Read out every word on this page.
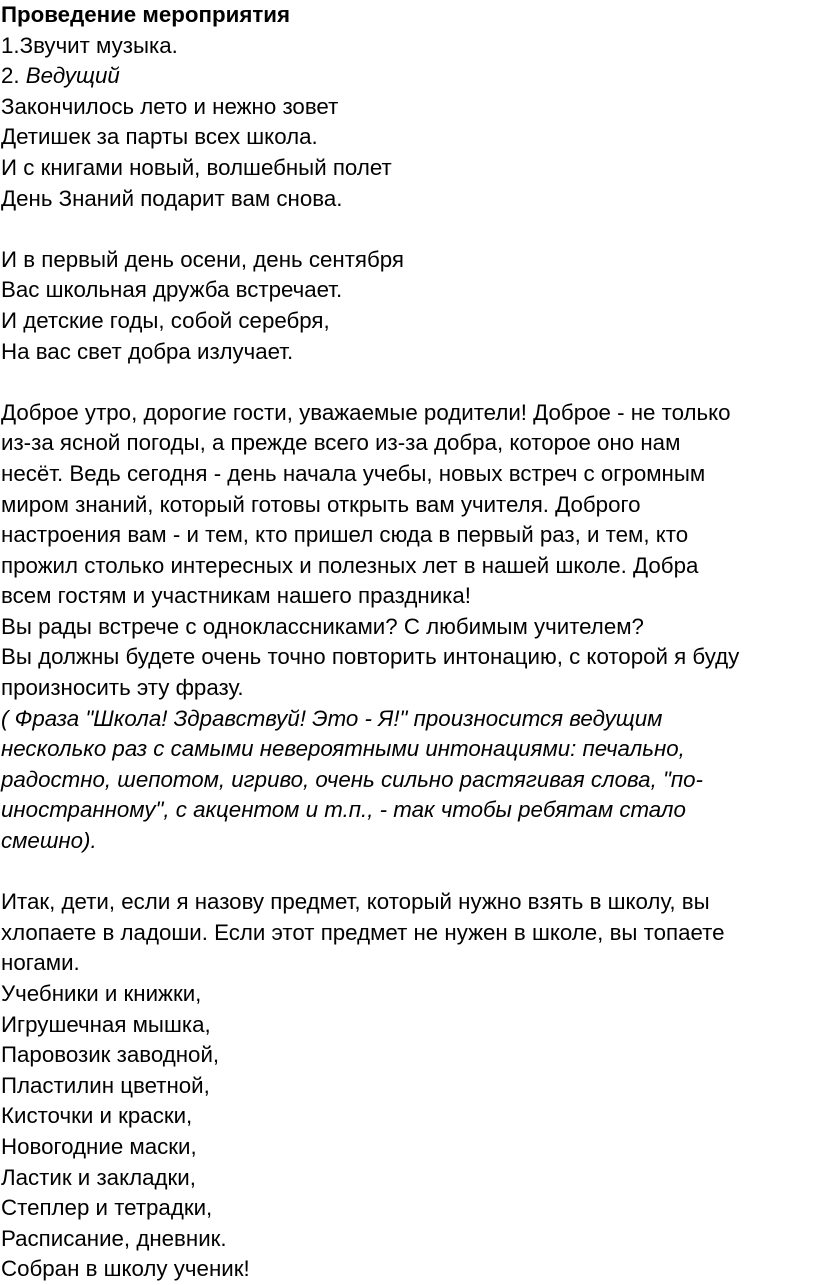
Проведение мероприятия
1.Звучит музыка.
2. Ведущий
Закончилось лето и нежно зовет
Детишек за парты всех школа.
И с книгами новый, волшебный полет
День Знаний подарит вам снова.
И в первый день осени, день сентября
Вас школьная дружба встречает.
И детские годы, собой серебря,
На вас свет добра излучает.
Доброе утро, дорогие гости, уважаемые родители! Доброе - не только
из-за ясной погоды, а прежде всего из-за добра, которое оно нам
несёт. Ведь сегодня - день начала учебы, новых встреч с огромным
миром знаний, который готовы открыть вам учителя. Доброго
настроения вам - и тем, кто пришел сюда в первый раз, и тем, кто
прожил столько интересных и полезных лет в нашей школе. Добра
всем гостям и участникам нашего праздника!
Вы рады встрече с одноклассниками? С любимым учителем?
Вы должны будете очень точно повторить интонацию, с которой я буду
произносить эту фразу.
( Фраза "Школа! Здравствуй! Это - Я!" произносится ведущим
несколько раз с самыми невероятными интонациями: печально,
радостно, шепотом, игриво, очень сильно растягивая слова, "по-
иностранному", с акцентом и т.п., - так чтобы ребятам стало
смешно).
Итак, дети, если я назову предмет, который нужно взять в школу, вы
хлопаете в ладоши. Если этот предмет не нужен в школе, вы топаете
ногами.
Учебники и книжки,
Игрушечная мышка,
Паровозик заводной,
Пластилин цветной,
Кисточки и краски,
Новогодние маски,
Ластик и закладки,
Степлер и тетрадки,
Расписание, дневник.
Собран в школу ученик!
